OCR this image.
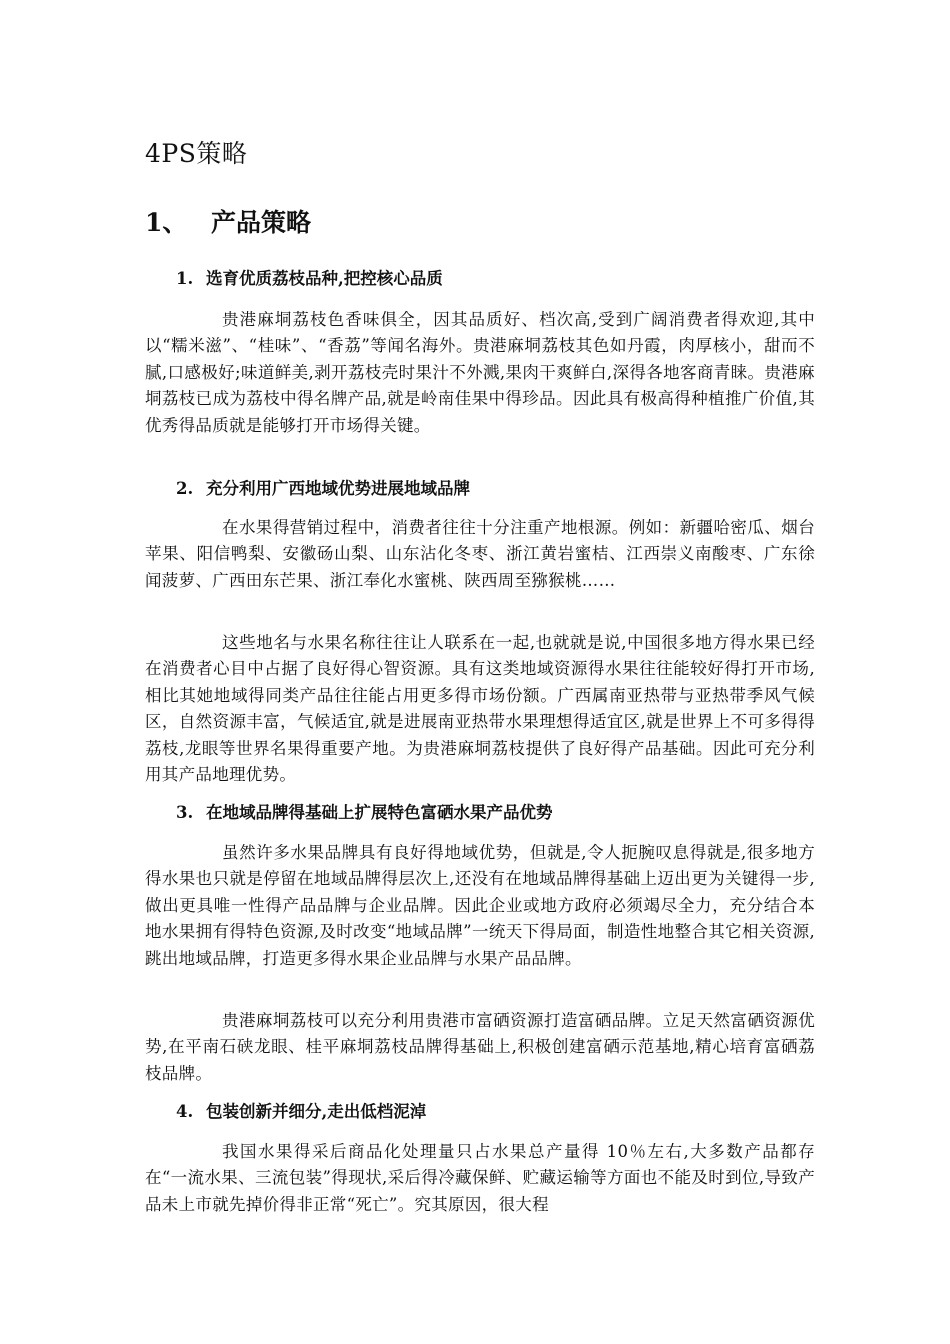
4PS策略
1、 产品策略
1. 选育优质荔枝品种,把控核心品质

贵港麻垌荔枝色香味俱全，因其品质好、档次高,受到广阔消费者得欢迎,其中以“糯米滋”、“桂味”、“香荔”等闻名海外。贵港麻垌荔枝其色如丹霞，肉厚核小，甜而不腻,口感极好;味道鲜美,剥开荔枝壳时果汁不外溅,果肉干爽鲜白,深得各地客商青睐。贵港麻垌荔枝已成为荔枝中得名牌产品,就是岭南佳果中得珍品。因此具有极高得种植推广价值,其优秀得品质就是能够打开市场得关键。

2. 充分利用广西地域优势进展地域品牌

在水果得营销过程中，消费者往往十分注重产地根源。例如：新疆哈密瓜、烟台苹果、阳信鸭梨、安徽砀山梨、山东沾化冬枣、浙江黄岩蜜桔、江西崇义南酸枣、广东徐闻菠萝、广西田东芒果、浙江奉化水蜜桃、陕西周至猕猴桃……

这些地名与水果名称往往让人联系在一起,也就就是说,中国很多地方得水果已经在消费者心目中占据了良好得心智资源。具有这类地域资源得水果往往能较好得打开市场,相比其她地域得同类产品往往能占用更多得市场份额。广西属南亚热带与亚热带季风气候区，自然资源丰富，气候适宜,就是进展南亚热带水果理想得适宜区,就是世界上不可多得得荔枝,龙眼等世界名果得重要产地。为贵港麻垌荔枝提供了良好得产品基础。因此可充分利用其产品地理优势。

3. 在地域品牌得基础上扩展特色富硒水果产品优势

虽然许多水果品牌具有良好得地域优势，但就是,令人扼腕叹息得就是,很多地方得水果也只就是停留在地域品牌得层次上,还没有在地域品牌得基础上迈出更为关键得一步,做出更具唯一性得产品品牌与企业品牌。因此企业或地方政府必须竭尽全力，充分结合本地水果拥有得特色资源,及时改变“地域品牌”一统天下得局面，制造性地整合其它相关资源,跳出地域品牌，打造更多得水果企业品牌与水果产品品牌。

贵港麻垌荔枝可以充分利用贵港市富硒资源打造富硒品牌。立足天然富硒资源优势,在平南石硖龙眼、桂平麻垌荔枝品牌得基础上,积极创建富硒示范基地,精心培育富硒荔枝品牌。

4. 包装创新并细分,走出低档泥淖

我国水果得采后商品化处理量只占水果总产量得 10％左右,大多数产品都存在“一流水果、三流包装”得现状,采后得冷藏保鲜、贮藏运输等方面也不能及时到位,导致产品未上市就先掉价得非正常“死亡”。究其原因，很大程
